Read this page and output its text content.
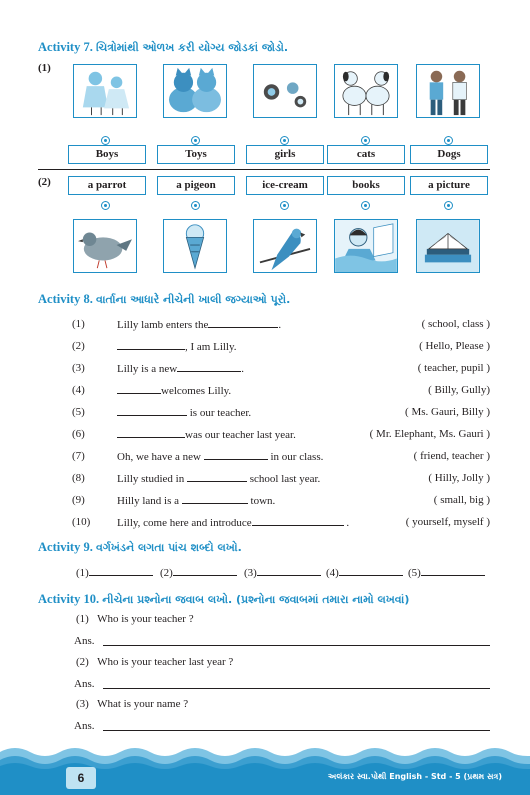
Activity 7. ચિત્રોમાંથી ઓળખ કરી યોગ્ય જોડકાં જોડો.
(1)
Boys	Toys	girls	cats	Dogs
(2)	a parrot	a pigeon	ice-cream	books	a picture
Activity 8. વાર્તાના આધારે નીચેની ખાલી જગ્યાઓ પૂરો.
(1)	Lilly lamb enters the	.	( school, class )
(2)	, I am Lilly.	( Hello, Please )
(3)	Lilly is a new	.	( teacher, pupil )
(4)	welcomes Lilly.	( Billy, Gully)
(5)	is our teacher.	( Ms. Gauri, Billy )
(6)	was our teacher last year.	( Mr. Elephant, Ms. Gauri )
(7)	Oh, we have a new	in our class.	( friend, teacher )
(8)	Lilly studied in	school last year.	( Hilly, Jolly )
(9)	Hilly land is a	town.	( small, big )
(10) Lilly, come here and introduce	.	( yourself, myself )
Activity 9. વર્ગખંડને લગતા પાંચ શબ્દો લખો.
(1)	(2)	(3)	(4)	(5)
Activity 10. નીચેના પ્રશ્નોના જવાબ લખો. (પ્રશ્નોના જવાબમાં તમારા નામો લખવાં)
(1) Who is your teacher ?
Ans.
(2) Who is your teacher last year ?
Ans.
(3) What is your name ?
Ans.
6	અલંકાર સ્વા.પોથી English - Std - 5 (પ્રથમ સત્ર)
